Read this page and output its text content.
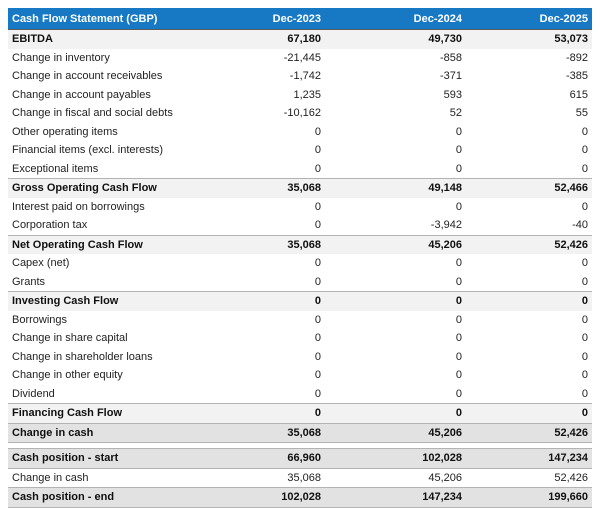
Cash Flow Statement (GBP)	Dec-2023	Dec-2024	Dec-2025
EBITDA	67,180	49,730	53,073
Change in inventory	-21,445	-858	-892
Change in account receivables	-1,742	-371	-385
Change in account payables	1,235	593	615
Change in fiscal and social debts	-10,162	52	55
Other operating items	0	0	0
Financial items (excl. interests)	0	0	0
Exceptional items	0	0	0
Gross Operating Cash Flow	35,068	49,148	52,466
Interest paid on borrowings	0	0	0
Corporation tax	0	-3,942	-40
Net Operating Cash Flow	35,068	45,206	52,426
Capex (net)	0	0	0
Grants	0	0	0
Investing Cash Flow	0	0	0
Borrowings	0	0	0
Change in share capital	0	0	0
Change in shareholder loans	0	0	0
Change in other equity	0	0	0
Dividend	0	0	0
Financing Cash Flow	0	0	0
Change in cash	35,068	45,206	52,426

Cash position - start	66,960	102,028	147,234
Change in cash	35,068	45,206	52,426
Cash position - end	102,028	147,234	199,660
